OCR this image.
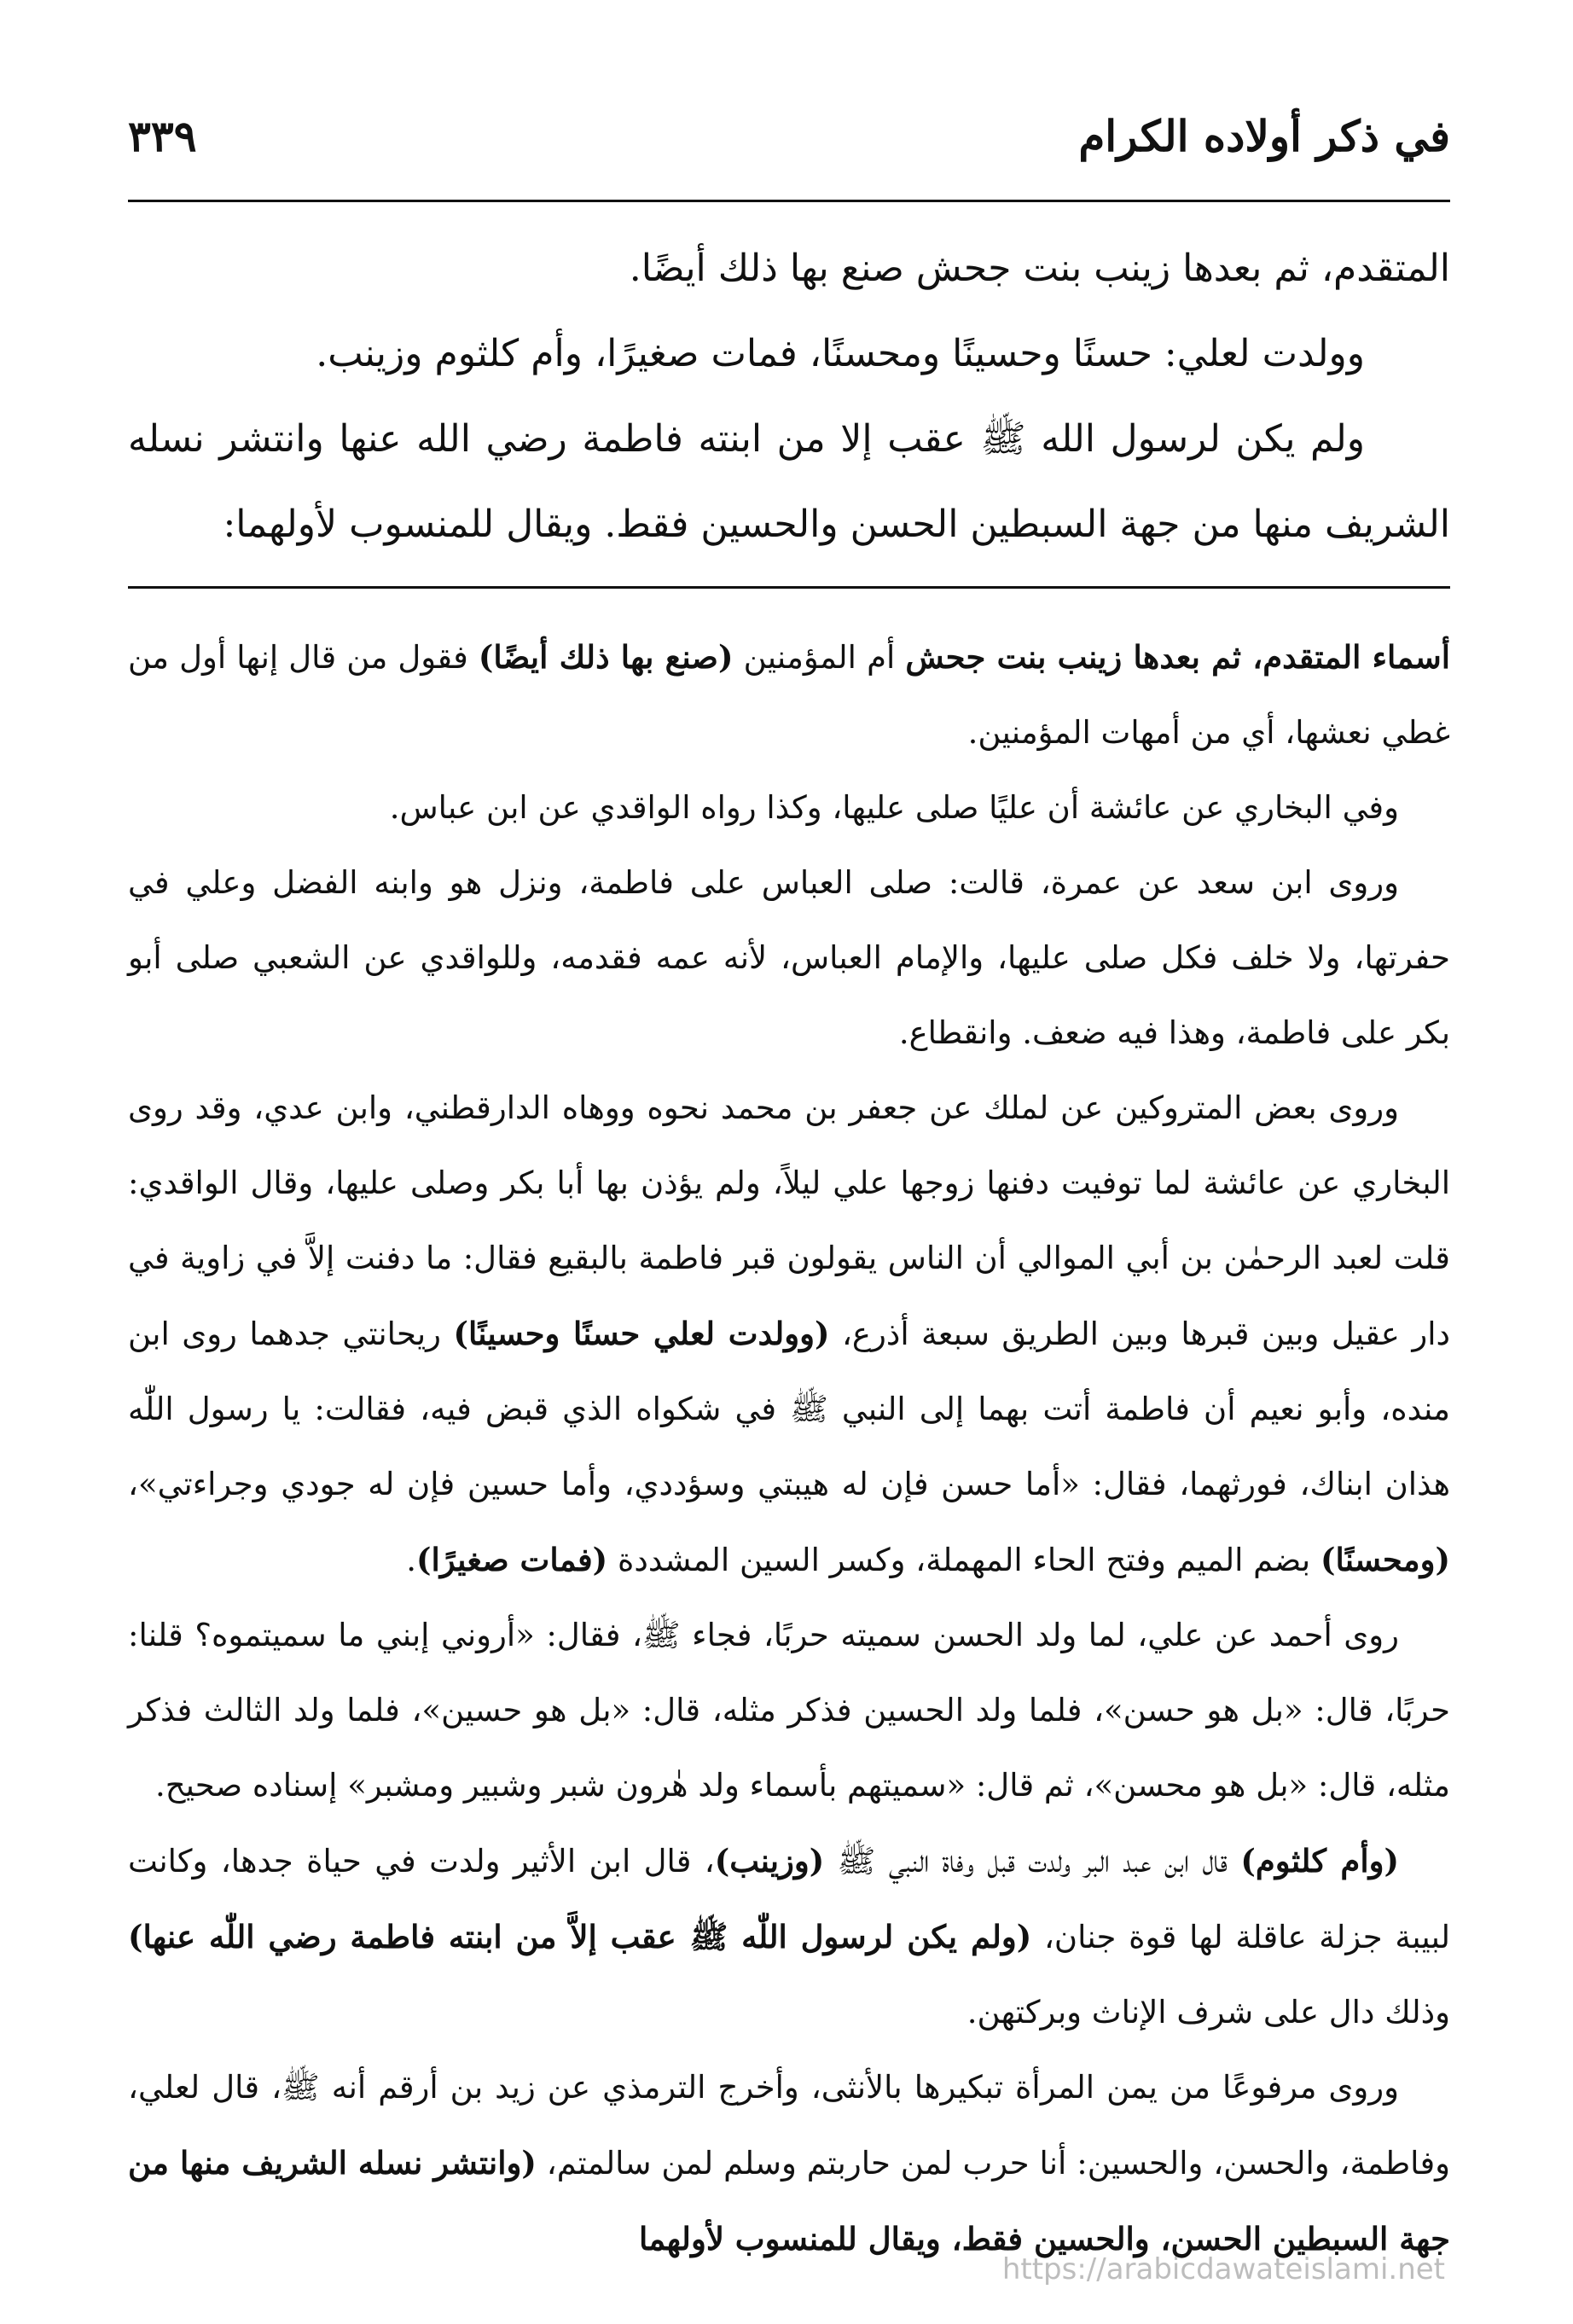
في ذكر أولاده الكرام
٣٣٩

المتقدم، ثم بعدها زينب بنت جحش صنع بها ذلك أيضًا.

وولدت لعلي: حسنًا وحسينًا ومحسنًا، فمات صغيرًا، وأم كلثوم وزينب.

ولم يكن لرسول الله ﷺ عقب إلا من ابنته فاطمة رضي الله عنها وانتشر نسله الشريف منها من جهة السبطين الحسن والحسين فقط. ويقال للمنسوب لأولهما:

أسماء المتقدم، ثم بعدها زينب بنت جحش أم المؤمنين (صنع بها ذلك أيضًا) فقول من قال إنها أول من غطي نعشها، أي من أمهات المؤمنين.

وفي البخاري عن عائشة أن عليًا صلى عليها، وكذا رواه الواقدي عن ابن عباس.

وروى ابن سعد عن عمرة، قالت: صلى العباس على فاطمة، ونزل هو وابنه الفضل وعلي في حفرتها، ولا خلف فكل صلى عليها، والإمام العباس، لأنه عمه فقدمه، وللواقدي عن الشعبي صلى أبو بكر على فاطمة، وهذا فيه ضعف. وانقطاع.

وروى بعض المتروكين عن لملك عن جعفر بن محمد نحوه ووهاه الدارقطني، وابن عدي، وقد روى البخاري عن عائشة لما توفيت دفنها زوجها علي ليلاً، ولم يؤذن بها أبا بكر وصلى عليها، وقال الواقدي: قلت لعبد الرحمٰن بن أبي الموالي أن الناس يقولون قبر فاطمة بالبقيع فقال: ما دفنت إلاَّ في زاوية في دار عقيل وبين قبرها وبين الطريق سبعة أذرع، (وولدت لعلي حسنًا وحسينًا) ريحانتي جدهما روى ابن منده، وأبو نعيم أن فاطمة أتت بهما إلى النبي ﷺ في شكواه الذي قبض فيه، فقالت: يا رسول اللّٰه هذان ابناك، فورثهما، فقال: «أما حسن فإن له هيبتي وسؤددي، وأما حسين فإن له جودي وجراءتي»، (ومحسنًا) بضم الميم وفتح الحاء المهملة، وكسر السين المشددة (فمات صغيرًا).

روى أحمد عن علي، لما ولد الحسن سميته حربًا، فجاء ﷺ، فقال: «أروني إبني ما سميتموه؟ قلنا: حربًا، قال: «بل هو حسن»، فلما ولد الحسين فذكر مثله، قال: «بل هو حسين»، فلما ولد الثالث فذكر مثله، قال: «بل هو محسن»، ثم قال: «سميتهم بأسماء ولد هٰرون شبر وشبير ومشبر» إسناده صحيح.

(وأم كلثوم) قال ابن عبد البر ولدت قبل وفاة النبي ﷺ (وزينب)، قال ابن الأثير ولدت في حياة جدها، وكانت لبيبة جزلة عاقلة لها قوة جنان، (ولم يكن لرسول اللّٰه ﷺ عقب إلاَّ من ابنته فاطمة رضي اللّٰه عنها) وذلك دال على شرف الإناث وبركتهن.

وروى مرفوعًا من يمن المرأة تبكيرها بالأنثى، وأخرج الترمذي عن زيد بن أرقم أنه ﷺ، قال لعلي، وفاطمة، والحسن، والحسين: أنا حرب لمن حاربتم وسلم لمن سالمتم، (وانتشر نسله الشريف منها من جهة السبطين الحسن، والحسين فقط، ويقال للمنسوب لأولهما

https://arabicdawateislami.net
